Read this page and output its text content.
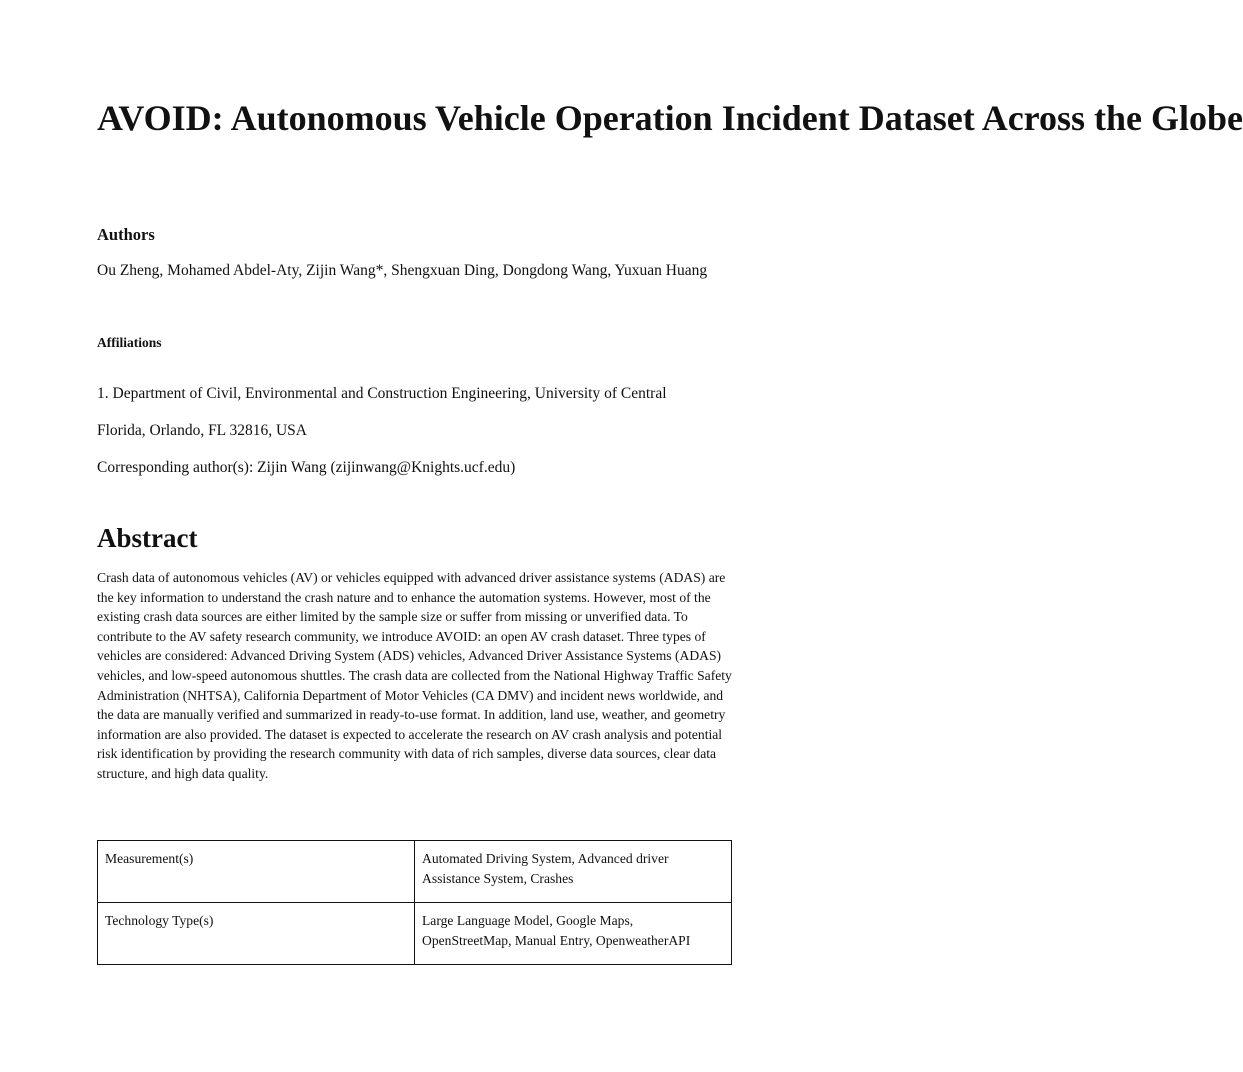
AVOID: Autonomous Vehicle Operation Incident Dataset Across the Globe
Authors

Ou Zheng, Mohamed Abdel-Aty, Zijin Wang*, Shengxuan Ding, Dongdong Wang, Yuxuan Huang

Affiliations

1. Department of Civil, Environmental and Construction Engineering, University of Central Florida, Orlando, FL 32816, USA

Corresponding author(s): Zijin Wang (zijinwang@Knights.ucf.edu)

Abstract

Crash data of autonomous vehicles (AV) or vehicles equipped with advanced driver assistance systems (ADAS) are the key information to understand the crash nature and to enhance the automation systems. However, most of the existing crash data sources are either limited by the sample size or suffer from missing or unverified data. To contribute to the AV safety research community, we introduce AVOID: an open AV crash dataset. Three types of vehicles are considered: Advanced Driving System (ADS) vehicles, Advanced Driver Assistance Systems (ADAS) vehicles, and low-speed autonomous shuttles. The crash data are collected from the National Highway Traffic Safety Administration (NHTSA), California Department of Motor Vehicles (CA DMV) and incident news worldwide, and the data are manually verified and summarized in ready-to-use format. In addition, land use, weather, and geometry information are also provided. The dataset is expected to accelerate the research on AV crash analysis and potential risk identification by providing the research community with data of rich samples, diverse data sources, clear data structure, and high data quality.

Measurement(s)	Automated Driving System, Advanced driver Assistance System, Crashes
Technology Type(s)	Large Language Model, Google Maps, OpenStreetMap, Manual Entry, OpenweatherAPI
